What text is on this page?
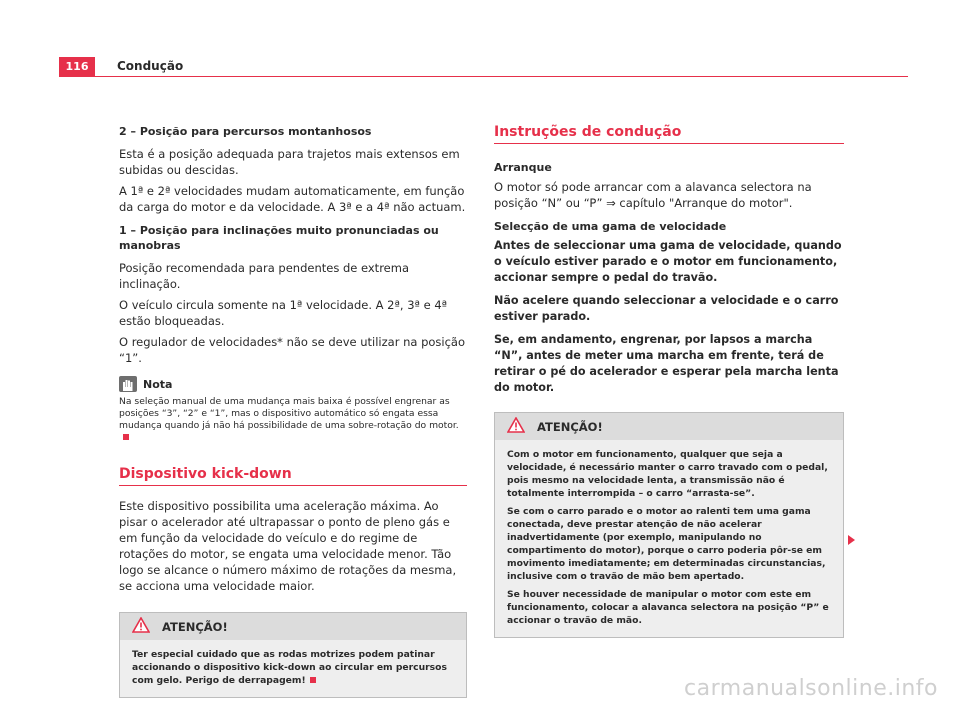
116	Condução

2 – Posição para percursos montanhosos

Esta é a posição adequada para trajetos mais extensos em subidas ou descidas.

A 1ª e 2ª velocidades mudam automaticamente, em função da carga do motor e da velocidade. A 3ª e a 4ª não actuam.

1 – Posição para inclinações muito pronunciadas ou manobras

Posição recomendada para pendentes de extrema inclinação.

O veículo circula somente na 1ª velocidade. A 2ª, 3ª e 4ª estão bloqueadas.

O regulador de velocidades* não se deve utilizar na posição “1”.

Nota

Na seleção manual de uma mudança mais baixa é possível engrenar as posições “3”, “2” e “1”, mas o dispositivo automático só engata essa mudança quando já não há possibilidade de uma sobre-rotação do motor.

Dispositivo kick-down

Este dispositivo possibilita uma aceleração máxima. Ao pisar o acelerador até ultrapassar o ponto de pleno gás e em função da velocidade do veículo e do regime de rotações do motor, se engata uma velocidade menor. Tão logo se alcance o número máximo de rotações da mesma, se acciona uma velocidade maior.

ATENÇÃO!

Ter especial cuidado que as rodas motrizes podem patinar accionando o dispositivo kick-down ao circular em percursos com gelo. Perigo de derrapagem!

Instruções de condução

Arranque

O motor só pode arrancar com a alavanca selectora na posição “N” ou “P” ⇒ capítulo "Arranque do motor".

Selecção de uma gama de velocidade

Antes de seleccionar uma gama de velocidade, quando o veículo estiver parado e o motor em funcionamento, accionar sempre o pedal do travão.

Não acelere quando seleccionar a velocidade e o carro estiver parado.

Se, em andamento, engrenar, por lapsos a marcha “N”, antes de meter uma marcha em frente, terá de retirar o pé do acelerador e esperar pela marcha lenta do motor.

ATENÇÃO!

Com o motor em funcionamento, qualquer que seja a velocidade, é necessário manter o carro travado com o pedal, pois mesmo na velocidade lenta, a transmissão não é totalmente interrompida – o carro “arrasta-se”.

Se com o carro parado e o motor ao ralenti tem uma gama conectada, deve prestar atenção de não acelerar inadvertidamente (por exemplo, manipulando no compartimento do motor), porque o carro poderia pôr-se em movimento imediatamente; em determinadas circunstancias, inclusive com o travão de mão bem apertado.

Se houver necessidade de manipular o motor com este em funcionamento, colocar a alavanca selectora na posição “P” e accionar o travão de mão.

carmanualsonline.info
